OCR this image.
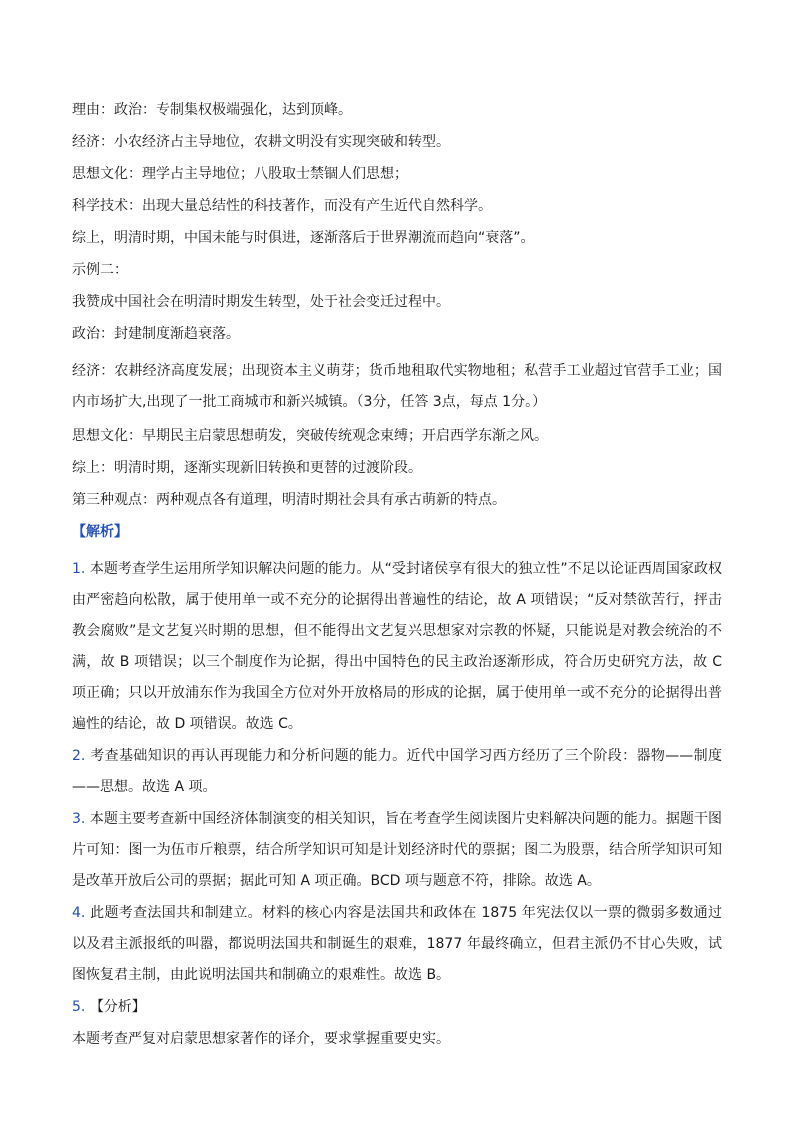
理由：政治：专制集权极端强化，达到顶峰。
经济：小农经济占主导地位，农耕文明没有实现突破和转型。
思想文化：理学占主导地位；八股取士禁锢人们思想；
科学技术：出现大量总结性的科技著作，而没有产生近代自然科学。
综上，明清时期，中国未能与时俱进，逐渐落后于世界潮流而趋向“衰落”。
示例二：
我赞成中国社会在明清时期发生转型，处于社会变迁过程中。
政治：封建制度渐趋衰落。
经济：农耕经济高度发展；出现资本主义萌芽；货币地租取代实物地租；私营手工业超过官营手工业；国内市场扩大,出现了一批工商城市和新兴城镇。（3分，任答 3点，每点 1分。）
思想文化：早期民主启蒙思想萌发，突破传统观念束缚；开启西学东渐之风。
综上：明清时期，逐渐实现新旧转换和更替的过渡阶段。
第三种观点：两种观点各有道理，明清时期社会具有承古萌新的特点。
【解析】
1. 本题考查学生运用所学知识解决问题的能力。从“受封诸侯享有很大的独立性”不足以论证西周国家政权由严密趋向松散，属于使用单一或不充分的论据得出普遍性的结论，故 A 项错误；“反对禁欲苦行，抨击教会腐败”是文艺复兴时期的思想，但不能得出文艺复兴思想家对宗教的怀疑，只能说是对教会统治的不满，故 B 项错误；以三个制度作为论据，得出中国特色的民主政治逐渐形成，符合历史研究方法，故 C 项正确；只以开放浦东作为我国全方位对外开放格局的形成的论据，属于使用单一或不充分的论据得出普遍性的结论，故 D 项错误。故选 C。
2. 考查基础知识的再认再现能力和分析问题的能力。近代中国学习西方经历了三个阶段：器物——制度——思想。故选 A 项。
3. 本题主要考查新中国经济体制演变的相关知识，旨在考查学生阅读图片史料解决问题的能力。据题干图片可知：图一为伍市斤粮票，结合所学知识可知是计划经济时代的票据；图二为股票，结合所学知识可知是改革开放后公司的票据；据此可知 A 项正确。BCD 项与题意不符，排除。故选 A。
4. 此题考查法国共和制建立。材料的核心内容是法国共和政体在 1875 年宪法仅以一票的微弱多数通过以及君主派报纸的叫嚣，都说明法国共和制诞生的艰难，1877 年最终确立，但君主派仍不甘心失败，试图恢复君主制，由此说明法国共和制确立的艰难性。故选 B。
5. 【分析】
本题考查严复对启蒙思想家著作的译介，要求掌握重要史实。
